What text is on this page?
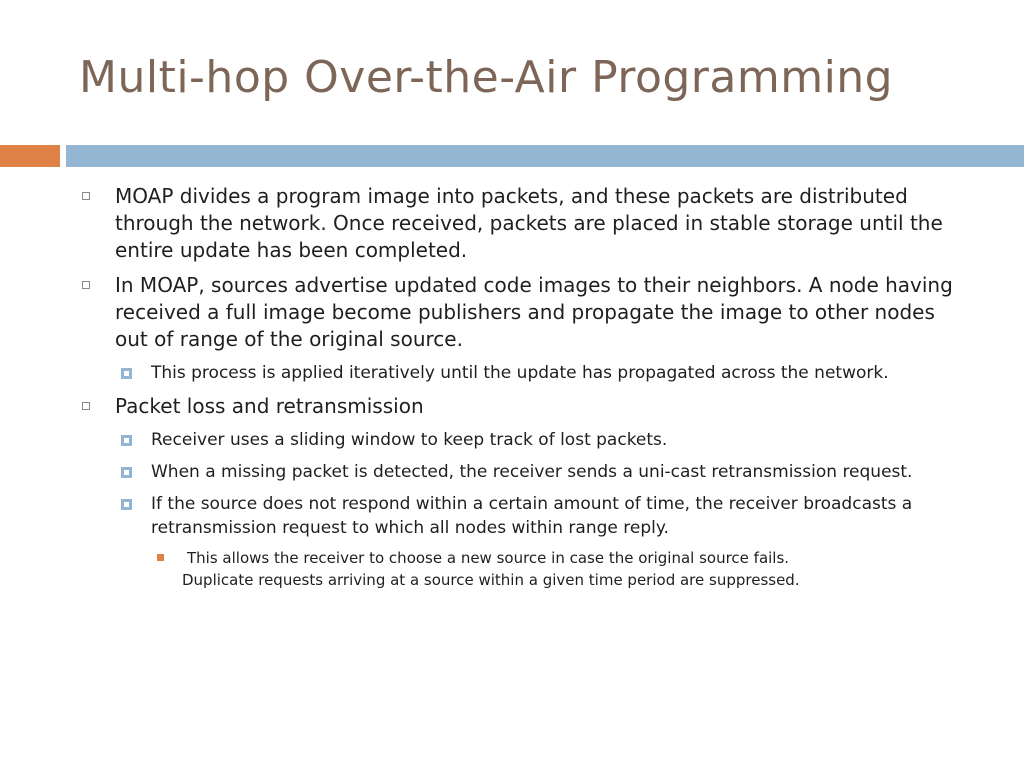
Multi-hop Over-the-Air Programming
MOAP divides a program image into packets, and these packets are distributed through the network. Once received, packets are placed in stable storage until the entire update has been completed.
In MOAP, sources advertise updated code images to their neighbors. A node having received a full image become publishers and propagate the image to other nodes out of range of the original source.
This process is applied iteratively until the update has propagated across the network.
Packet loss and retransmission
Receiver uses a sliding window to keep track of lost packets.
When a missing packet is detected, the receiver sends a uni-cast retransmission request.
If the source does not respond within a certain amount of time, the receiver broadcasts a retransmission request to which all nodes within range reply.
This allows the receiver to choose a new source in case the original source fails.
Duplicate requests arriving at a source within a given time period are suppressed.
